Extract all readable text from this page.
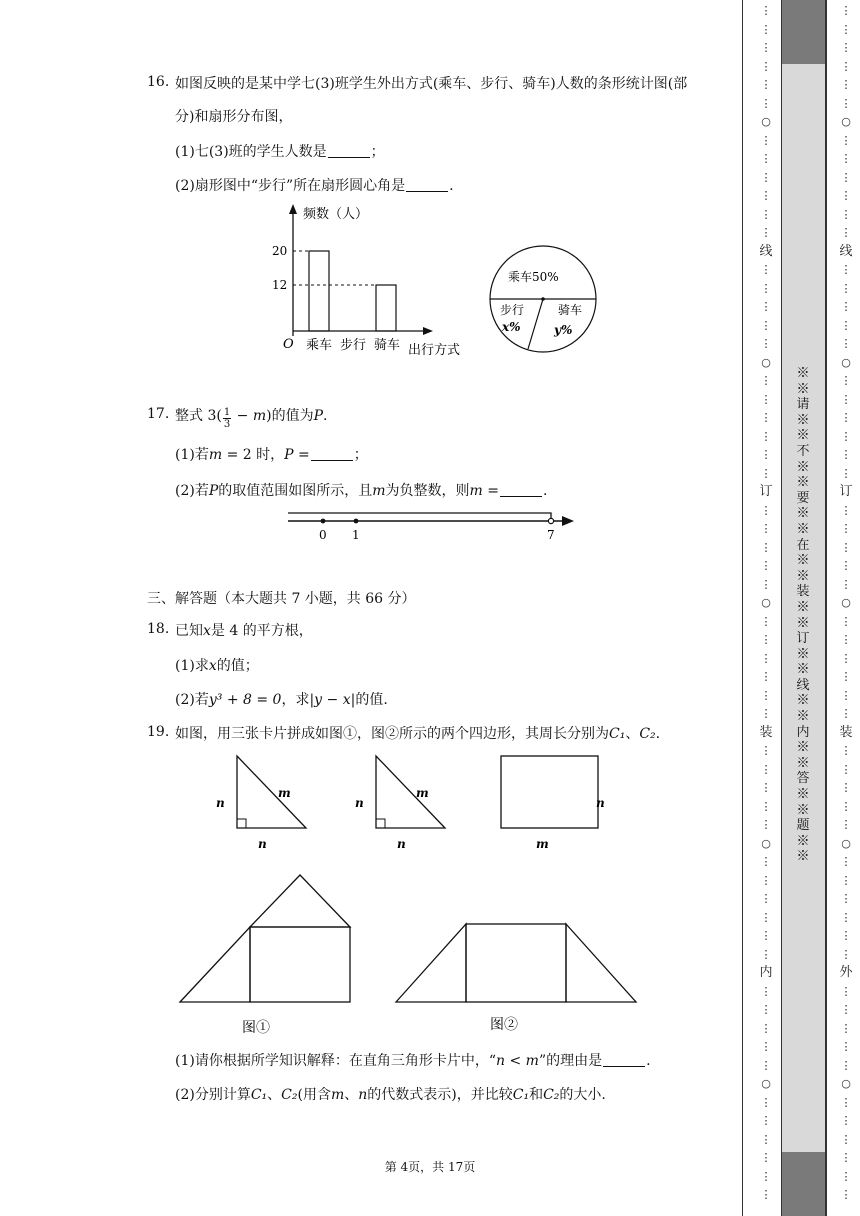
16. 如图反映的是某中学七(3)班学生外出方式(乘车、步行、骑车)人数的条形统计图(部
分)和扇形分布图，
(1)七(3)班的学生人数是	；
(2)扇形图中“步行”所在扇形圆心角是	.
频数（人）
O
20
12
乘车 步行 骑车 出行方式
乘车50%
步行
x%
骑车
y%
17. 整式 $3( \frac{1}{3} - m)$的值为P.
(1)若m = 2 时，P =	；
(2)若P的取值范围如图所示，且m为负整数，则m =	.
0 1	7
三、解答题（本大题共 7 小题，共 66 分）
18. 已知x是 4 的平方根，
(1)求x的值；
(2)若y³ + 8 = 0，求|y − x|的值.
19. 如图，用三张卡片拼成如图①，图②所示的两个四边形，其周长分别为C₁、C₂.
n
m
n
n
m
n
n
m
图①	图②
(1)请你根据所学知识解释：在直角三角形卡片中，“n < m”的理由是	.
(2)分别计算C₁、C₂(用含m、n的代数式表示)，并比较C₁和C₂的大小.
第 4页，共 17页
⋮
⋮
⋮
⋮
⋮
⋮
○
⋮
⋮
⋮
⋮
⋮
⋮
线
⋮
⋮
⋮
⋮
⋮
○
⋮
⋮
⋮
⋮
⋮
⋮
订
⋮
⋮
⋮
⋮
⋮
○
⋮
⋮
⋮
⋮
⋮
⋮
装
⋮
⋮
⋮
⋮
⋮
○
⋮
⋮
⋮
⋮
⋮
⋮
内
⋮
⋮
⋮
⋮
⋮
○
⋮
⋮
⋮
⋮
⋮
⋮
⋮
⋮
⋮
⋮
⋮
⋮
○
⋮
⋮
⋮
⋮
⋮
⋮
线
⋮
⋮
⋮
⋮
⋮
○
⋮
⋮
⋮
⋮
⋮
⋮
订
⋮
⋮
⋮
⋮
⋮
○
⋮
⋮
⋮
⋮
⋮
⋮
装
⋮
⋮
⋮
⋮
⋮
○
⋮
⋮
⋮
⋮
⋮
⋮
外
⋮
⋮
⋮
⋮
⋮
○
⋮
⋮
⋮
⋮
⋮
⋮
※※请※※不※※要※※在※※装※※订※※线※※内※※答※※题※※
